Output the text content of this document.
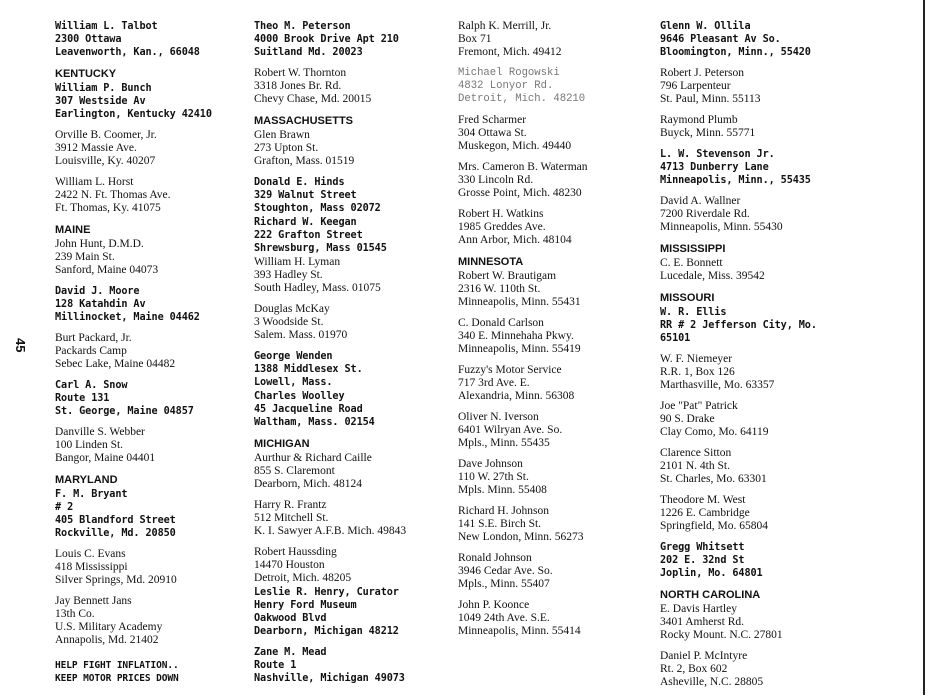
45
William L. Talbot
2300 Ottawa
Leavenworth, Kan., 66048
KENTUCKY
William P. Bunch
307 Westside Av
Earlington, Kentucky 42410
Orville B. Coomer, Jr.
3912 Massie Ave.
Louisville, Ky. 40207
William L. Horst
2422 N. Ft. Thomas Ave.
Ft. Thomas, Ky. 41075
MAINE
John Hunt, D.M.D.
239 Main St.
Sanford, Maine 04073
David J. Moore
128 Katahdin Av
Millinocket, Maine 04462
Burt Packard, Jr.
Packards Camp
Sebec Lake, Maine 04482
Carl A. Snow
Route 131
St. George, Maine 04857
Danville S. Webber
100 Linden St.
Bangor, Maine 04401
MARYLAND
F. M. Bryant
# 2
405 Blandford Street
Rockville, Md. 20850
Louis C. Evans
418 Mississippi
Silver Springs, Md. 20910
Jay Bennett Jans
13th Co.
U.S. Military Academy
Annapolis, Md. 21402
HELP FIGHT INFLATION..
KEEP MOTOR PRICES DOWN
Theo M. Peterson
4000 Brook Drive Apt 210
Suitland Md. 20023
Robert W. Thornton
3318 Jones Br. Rd.
Chevy Chase, Md. 20015
MASSACHUSETTS
Glen Brawn
273 Upton St.
Grafton, Mass. 01519
Donald E. Hinds
329 Walnut Street
Stoughton, Mass 02072
Richard W. Keegan
222 Grafton Street
Shrewsburg, Mass 01545
William H. Lyman
393 Hadley St.
South Hadley, Mass. 01075
Douglas McKay
3 Woodside St.
Salem. Mass. 01970
George Wenden
1388 Middlesex St.
Lowell, Mass.
Charles Woolley
45 Jacqueline Road
Waltham, Mass. 02154
MICHIGAN
Aurthur & Richard Caille
855 S. Claremont
Dearborn, Mich. 48124
Harry R. Frantz
512 Mitchell St.
K. I. Sawyer A.F.B. Mich. 49843
Robert Haussding
14470 Houston
Detroit, Mich. 48205
Leslie R. Henry, Curator
Henry Ford Museum
Oakwood Blvd
Dearborn, Michigan 48212
Zane M. Mead
Route 1
Nashville, Michigan 49073
Ralph K. Merrill, Jr.
Box 71
Fremont, Mich. 49412
Michael Rogowski
4832 Lonyor Rd.
Detroit, Mich. 48210
Fred Scharmer
304 Ottawa St.
Muskegon, Mich. 49440
Mrs. Cameron B. Waterman
330 Lincoln Rd.
Grosse Point, Mich. 48230
Robert H. Watkins
1985 Greddes Ave.
Ann Arbor, Mich. 48104
MINNESOTA
Robert W. Brautigam
2316 W. 110th St.
Minneapolis, Minn. 55431
C. Donald Carlson
340 E. Minnehaha Pkwy.
Minneapolis, Minn. 55419
Fuzzy's Motor Service
717 3rd Ave. E.
Alexandria, Minn. 56308
Oliver N. Iverson
6401 Wilryan Ave. So.
Mpls., Minn. 55435
Dave Johnson
110 W. 27th St.
Mpls. Minn. 55408
Richard H. Johnson
141 S.E. Birch St.
New London, Minn. 56273
Ronald Johnson
3946 Cedar Ave. So.
Mpls., Minn. 55407
John P. Koonce
1049 24th Ave. S.E.
Minneapolis, Minn. 55414
Glenn W. Ollila
9646 Pleasant Av So.
Bloomington, Minn., 55420
Robert J. Peterson
796 Larpenteur
St. Paul, Minn. 55113
Raymond Plumb
Buyck, Minn. 55771
L. W. Stevenson Jr.
4713 Dunberry Lane
Minneapolis, Minn., 55435
David A. Wallner
7200 Riverdale Rd.
Minneapolis, Minn. 55430
MISSISSIPPI
C. E. Bonnett
Lucedale, Miss. 39542
MISSOURI
W. R. Ellis
RR # 2 Jefferson City, Mo.
65101
W. F. Niemeyer
R.R. 1, Box 126
Marthasville, Mo. 63357
Joe "Pat" Patrick
90 S. Drake
Clay Como, Mo. 64119
Clarence Sitton
2101 N. 4th St.
St. Charles, Mo. 63301
Theodore M. West
1226 E. Cambridge
Springfield, Mo. 65804
Gregg Whitsett
202 E. 32nd St
Joplin, Mo. 64801
NORTH CAROLINA
E. Davis Hartley
3401 Amherst Rd.
Rocky Mount. N.C. 27801
Daniel P. McIntyre
Rt. 2, Box 602
Asheville, N.C. 28805
